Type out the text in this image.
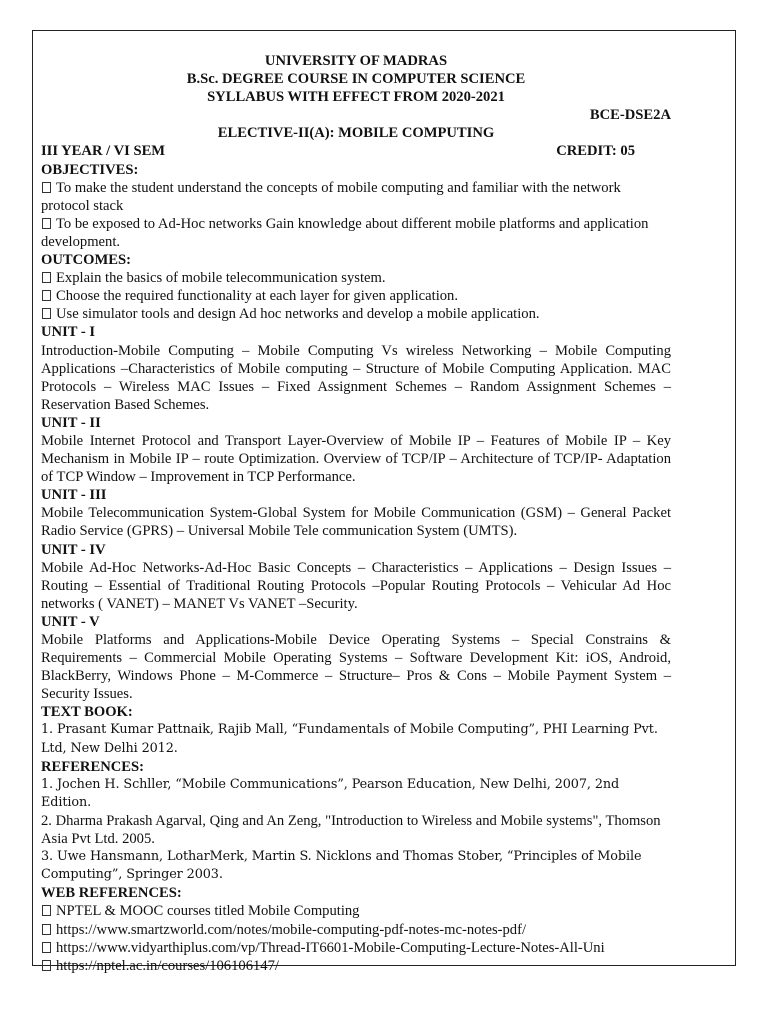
UNIVERSITY OF MADRAS

B.Sc. DEGREE COURSE IN COMPUTER SCIENCE

SYLLABUS WITH EFFECT FROM 2020-2021

BCE-DSE2A

ELECTIVE-II(A): MOBILE COMPUTING

III YEAR / VI SEM	CREDIT: 05

OBJECTIVES:

To make the student understand the concepts of mobile computing and familiar with the network protocol stack
To be exposed to Ad-Hoc networks Gain knowledge about different mobile platforms and application development.

OUTCOMES:

Explain the basics of mobile telecommunication system.
Choose the required functionality at each layer for given application.
Use simulator tools and design Ad hoc networks and develop a mobile application.

UNIT - I

Introduction-Mobile Computing – Mobile Computing Vs wireless Networking – Mobile Computing Applications –Characteristics of Mobile computing – Structure of Mobile Computing Application. MAC Protocols – Wireless MAC Issues – Fixed Assignment Schemes – Random Assignment Schemes – Reservation Based Schemes.

UNIT - II

Mobile Internet Protocol and Transport Layer-Overview of Mobile IP – Features of Mobile IP – Key Mechanism in Mobile IP – route Optimization. Overview of TCP/IP – Architecture of TCP/IP- Adaptation of TCP Window – Improvement in TCP Performance.

UNIT - III

Mobile Telecommunication System-Global System for Mobile Communication (GSM) – General Packet Radio Service (GPRS) – Universal Mobile Tele communication System (UMTS).

UNIT - IV

Mobile Ad-Hoc Networks-Ad-Hoc Basic Concepts – Characteristics – Applications – Design Issues – Routing – Essential of Traditional Routing Protocols –Popular Routing Protocols – Vehicular Ad Hoc networks ( VANET) – MANET Vs VANET –Security.

UNIT - V

Mobile Platforms and Applications-Mobile Device Operating Systems – Special Constrains & Requirements – Commercial Mobile Operating Systems – Software Development Kit: iOS, Android, BlackBerry, Windows Phone – M-Commerce – Structure– Pros & Cons – Mobile Payment System – Security Issues.

TEXT BOOK:

1. Prasant Kumar Pattnaik, Rajib Mall, “Fundamentals of Mobile Computing”, PHI Learning Pvt. Ltd, New Delhi 2012.

REFERENCES:

1. Jochen H. Schller, “Mobile Communications”, Pearson Education, New Delhi, 2007, 2nd Edition.

2. Dharma Prakash Agarval, Qing and An Zeng, "Introduction to Wireless and Mobile systems", Thomson Asia Pvt Ltd. 2005.

3. Uwe Hansmann, LotharMerk, Martin S. Nicklons and Thomas Stober, “Principles of Mobile Computing”, Springer 2003.

WEB REFERENCES:

NPTEL & MOOC courses titled Mobile Computing
https://www.smartzworld.com/notes/mobile-computing-pdf-notes-mc-notes-pdf/
https://www.vidyarthiplus.com/vp/Thread-IT6601-Mobile-Computing-Lecture-Notes-All-Uni
https://nptel.ac.in/courses/106106147/
